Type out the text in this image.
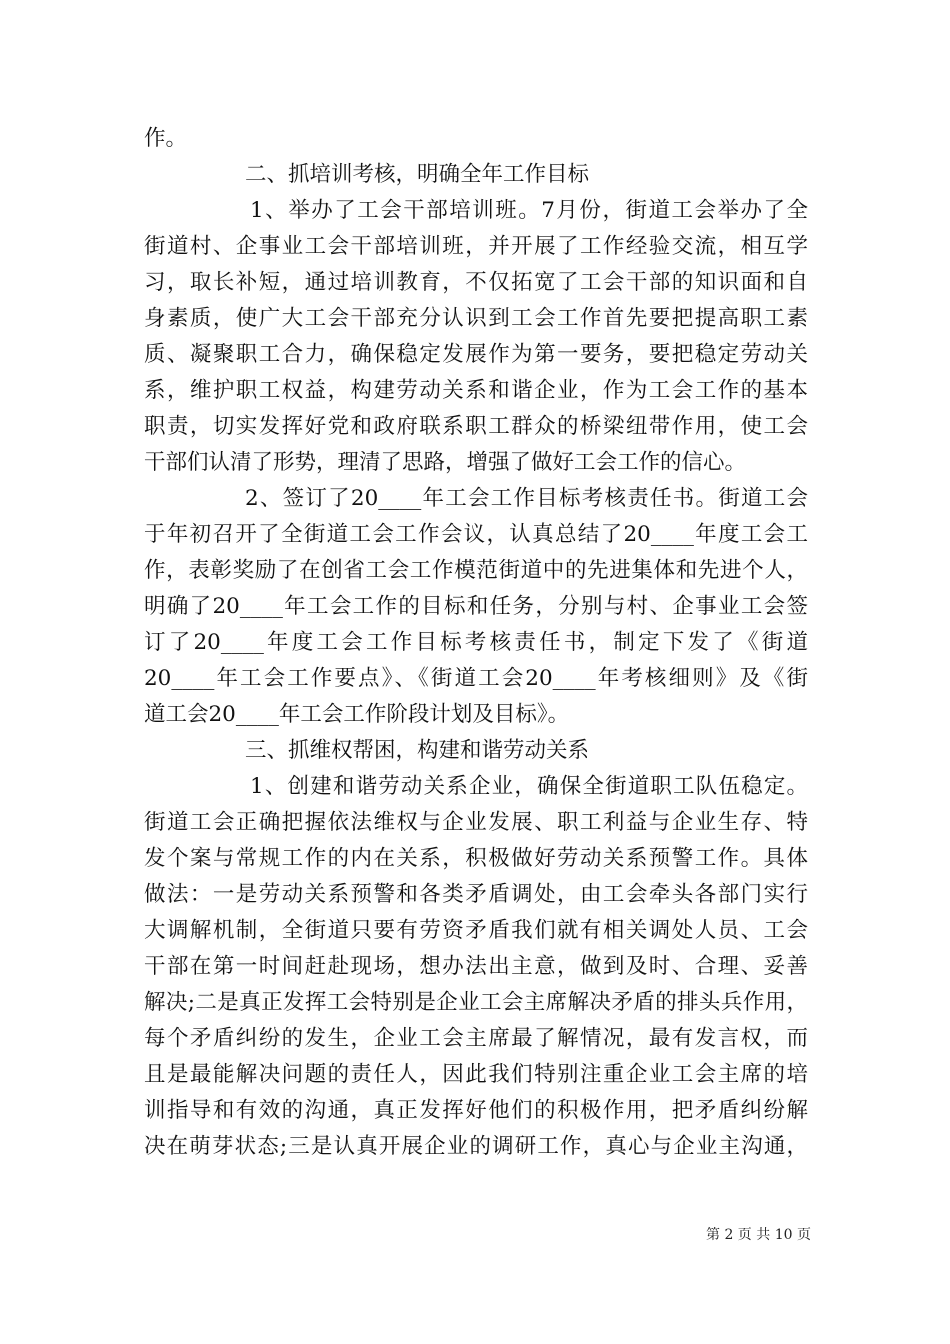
作。
二、抓培训考核，明确全年工作目标
1、举办了工会干部培训班。7月份，街道工会举办了全
街道村、企事业工会干部培训班，并开展了工作经验交流，相互学
习，取长补短，通过培训教育，不仅拓宽了工会干部的知识面和自
身素质，使广大工会干部充分认识到工会工作首先要把提高职工素
质、凝聚职工合力，确保稳定发展作为第一要务，要把稳定劳动关
系，维护职工权益，构建劳动关系和谐企业，作为工会工作的基本
职责，切实发挥好党和政府联系职工群众的桥梁纽带作用，使工会
干部们认清了形势，理清了思路，增强了做好工会工作的信心。
2、签订了20____年工会工作目标考核责任书。街道工会
于年初召开了全街道工会工作会议，认真总结了20____年度工会工
作，表彰奖励了在创省工会工作模范街道中的先进集体和先进个人，
明确了20____年工会工作的目标和任务，分别与村、企事业工会签
订了20____年度工会工作目标考核责任书，制定下发了《街道
20____年工会工作要点》、《街道工会20____年考核细则》及《街
道工会20____年工会工作阶段计划及目标》。
三、抓维权帮困，构建和谐劳动关系
1、创建和谐劳动关系企业，确保全街道职工队伍稳定。
街道工会正确把握依法维权与企业发展、职工利益与企业生存、特
发个案与常规工作的内在关系，积极做好劳动关系预警工作。具体
做法：一是劳动关系预警和各类矛盾调处，由工会牵头各部门实行
大调解机制，全街道只要有劳资矛盾我们就有相关调处人员、工会
干部在第一时间赶赴现场，想办法出主意，做到及时、合理、妥善
解决;二是真正发挥工会特别是企业工会主席解决矛盾的排头兵作用，
每个矛盾纠纷的发生，企业工会主席最了解情况，最有发言权，而
且是最能解决问题的责任人，因此我们特别注重企业工会主席的培
训指导和有效的沟通，真正发挥好他们的积极作用，把矛盾纠纷解
决在萌芽状态;三是认真开展企业的调研工作，真心与企业主沟通，
第 2 页 共 10 页
